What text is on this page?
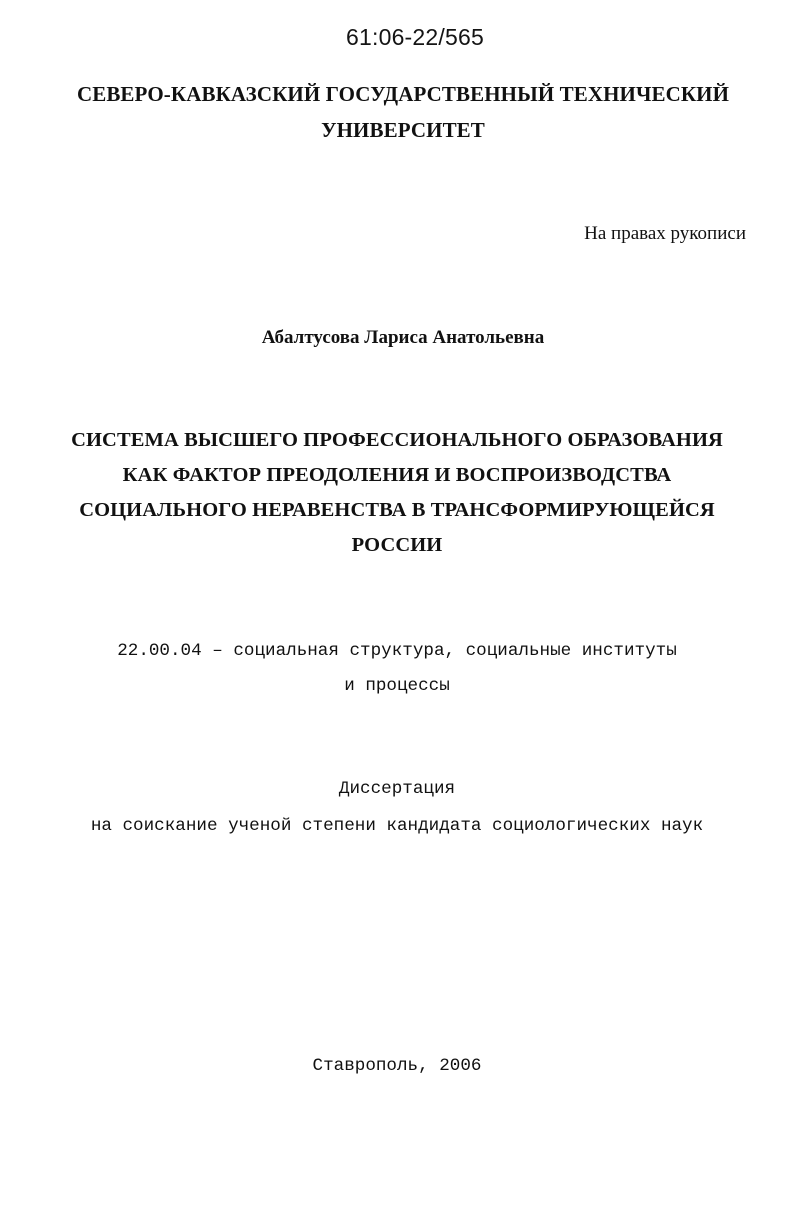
61:06-22/565
СЕВЕРО-КАВКАЗСКИЙ ГОСУДАРСТВЕННЫЙ ТЕХНИЧЕСКИЙ
УНИВЕРСИТЕТ
На правах рукописи
Абалтусова Лариса Анатольевна
СИСТЕМА ВЫСШЕГО ПРОФЕССИОНАЛЬНОГО ОБРАЗОВАНИЯ
КАК ФАКТОР ПРЕОДОЛЕНИЯ И ВОСПРОИЗВОДСТВА
СОЦИАЛЬНОГО НЕРАВЕНСТВА В ТРАНСФОРМИРУЮЩЕЙСЯ
РОССИИ
22.00.04 – социальная структура, социальные институты
и процессы
Диссертация
на соискание ученой степени кандидата социологических наук
Ставрополь, 2006
